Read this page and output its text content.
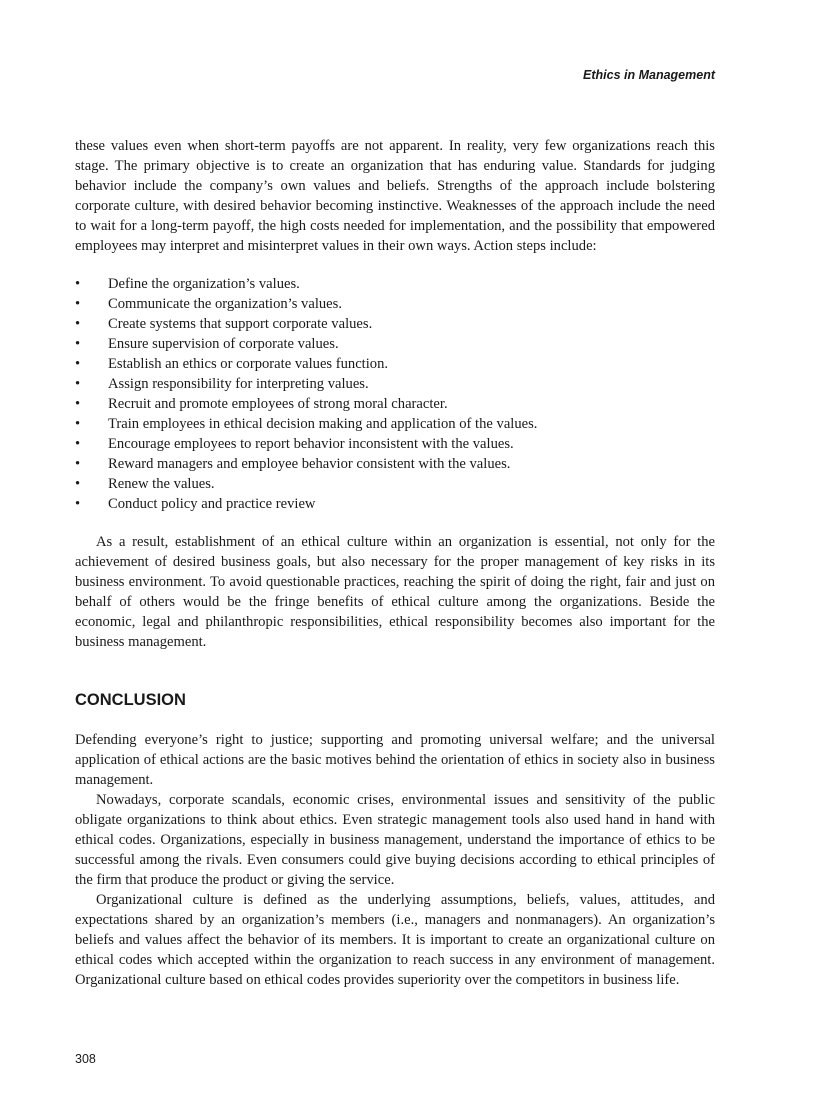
Ethics in Management

these values even when short-term payoffs are not apparent. In reality, very few organizations reach this stage. The primary objective is to create an organization that has enduring value. Standards for judging behavior include the company’s own values and beliefs. Strengths of the approach include bolstering corporate culture, with desired behavior becoming instinctive. Weaknesses of the approach include the need to wait for a long-term payoff, the high costs needed for implementation, and the possibility that empowered employees may interpret and misinterpret values in their own ways. Action steps include:

• Define the organization’s values.
• Communicate the organization’s values.
• Create systems that support corporate values.
• Ensure supervision of corporate values.
• Establish an ethics or corporate values function.
• Assign responsibility for interpreting values.
• Recruit and promote employees of strong moral character.
• Train employees in ethical decision making and application of the values.
• Encourage employees to report behavior inconsistent with the values.
• Reward managers and employee behavior consistent with the values.
• Renew the values.
• Conduct policy and practice review

As a result, establishment of an ethical culture within an organization is essential, not only for the achievement of desired business goals, but also necessary for the proper management of key risks in its business environment. To avoid questionable practices, reaching the spirit of doing the right, fair and just on behalf of others would be the fringe benefits of ethical culture among the organizations. Beside the economic, legal and philanthropic responsibilities, ethical responsibility becomes also important for the business management.

CONCLUSION

Defending everyone’s right to justice; supporting and promoting universal welfare; and the universal application of ethical actions are the basic motives behind the orientation of ethics in society also in business management.

Nowadays, corporate scandals, economic crises, environmental issues and sensitivity of the public obligate organizations to think about ethics. Even strategic management tools also used hand in hand with ethical codes. Organizations, especially in business management, understand the importance of ethics to be successful among the rivals. Even consumers could give buying decisions according to ethical principles of the firm that produce the product or giving the service.

Organizational culture is defined as the underlying assumptions, beliefs, values, attitudes, and expectations shared by an organization’s members (i.e., managers and nonmanagers). An organization’s beliefs and values affect the behavior of its members. It is important to create an organizational culture on ethical codes which accepted within the organization to reach success in any environment of management. Organizational culture based on ethical codes provides superiority over the competitors in business life.

308
